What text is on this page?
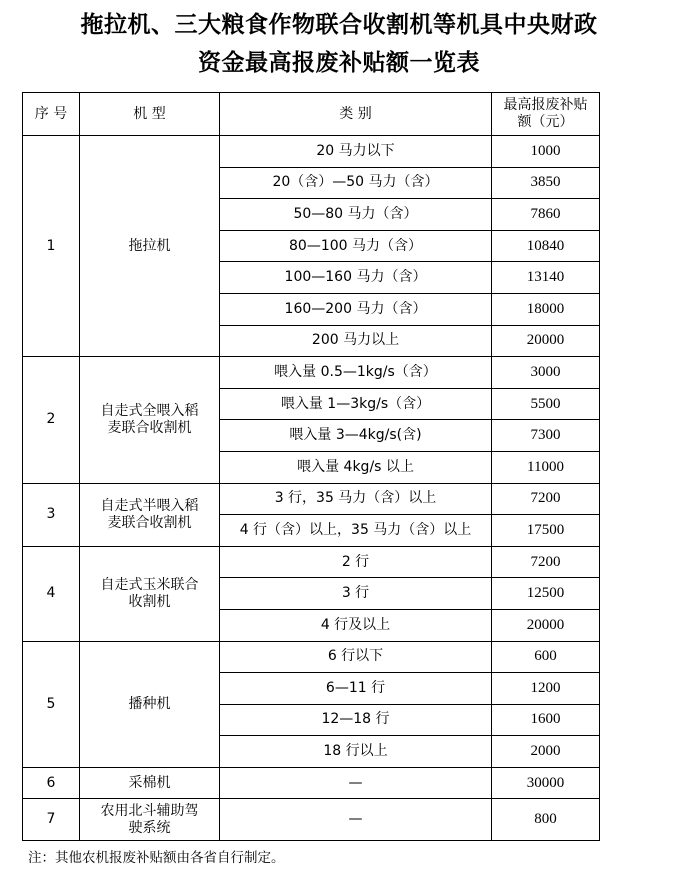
拖拉机、三大粮食作物联合收割机等机具中央财政
资金最高报废补贴额一览表
序 号	机 型	类 别	最高报废补贴额（元）
1	拖拉机	20 马力以下	1000
		20（含）—50 马力（含）	3850
		50—80 马力（含）	7860
		80—100 马力（含）	10840
		100—160 马力（含）	13140
		160—200 马力（含）	18000
		200 马力以上	20000
2	自走式全喂入稻麦联合收割机	喂入量 0.5—1kg/s（含）	3000
		喂入量 1—3kg/s（含）	5500
		喂入量 3—4kg/s(含)	7300
		喂入量 4kg/s 以上	11000
3	自走式半喂入稻麦联合收割机	3 行，35 马力（含）以上	7200
		4 行（含）以上，35 马力（含）以上	17500
4	自走式玉米联合收割机	2 行	7200
		3 行	12500
		4 行及以上	20000
5	播种机	6 行以下	600
		6—11 行	1200
		12—18 行	1600
		18 行以上	2000
6	采棉机	—	30000
7	农用北斗辅助驾驶系统	—	800
注：其他农机报废补贴额由各省自行制定。
